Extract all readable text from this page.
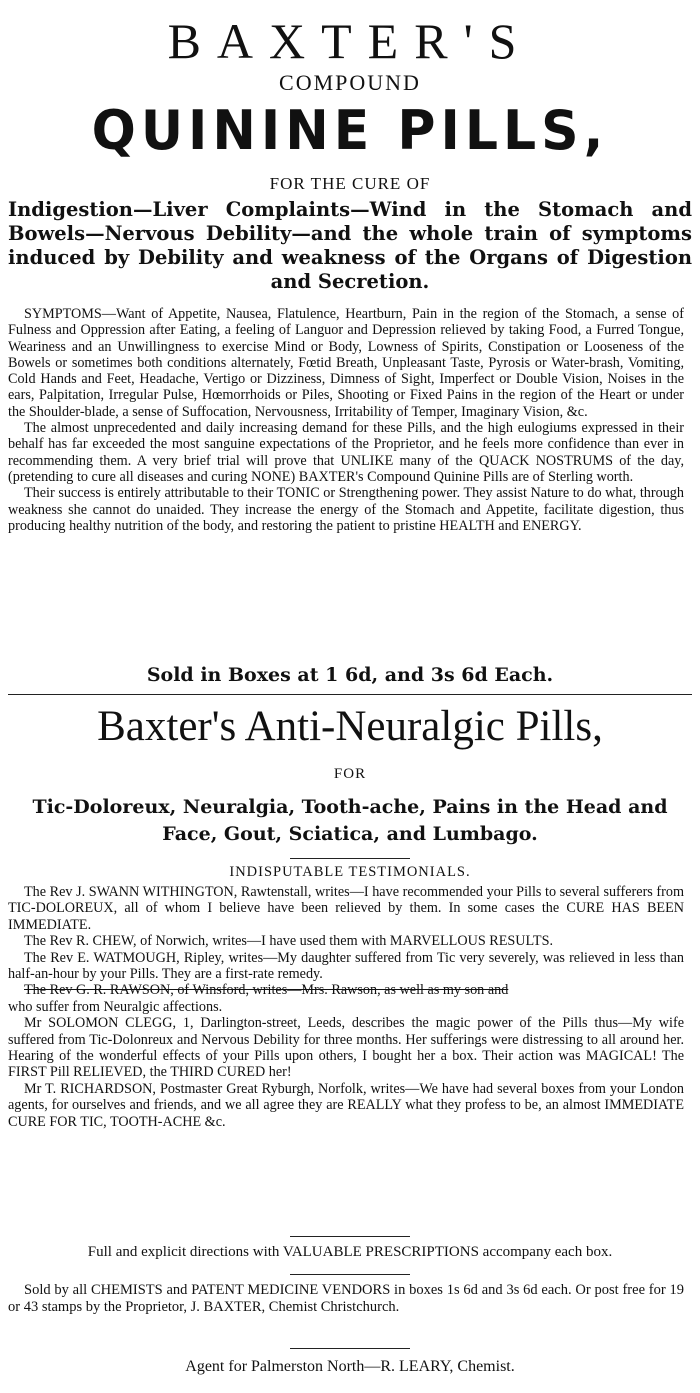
BAXTER'S
COMPOUND
QUININE PILLS,
FOR THE CURE OF
Indigestion—Liver Complaints—Wind in the Stomach and Bowels—Nervous Debility—and the whole train of symptoms induced by Debility and weakness of the Organs of Digestion and Secretion.

SYMPTOMS—Want of Appetite, Nausea, Flatulence, Heartburn, Pain in the region of the Stomach, a sense of Fulness and Oppression after Eating, a feeling of Languor and Depression relieved by taking Food, a Furred Tongue, Weariness and an Unwillingness to exercise Mind or Body, Lowness of Spirits, Constipation or Looseness of the Bowels or sometimes both conditions alternately, Fœtid Breath, Unpleasant Taste, Pyrosis or Water-brash, Vomiting, Cold Hands and Feet, Headache, Vertigo or Dizziness, Dimness of Sight, Imperfect or Double Vision, Noises in the ears, Palpitation, Irregular Pulse, Hœmorrhoids or Piles, Shooting or Fixed Pains in the region of the Heart or under the Shoulder-blade, a sense of Suffocation, Nervousness, Irritability of Temper, Imaginary Vision, &c.

The almost unprecedented and daily increasing demand for these Pills, and the high eulogiums expressed in their behalf has far exceeded the most sanguine expectations of the Proprietor, and he feels more confidence than ever in recommending them. A very brief trial will prove that UNLIKE many of the QUACK NOSTRUMS of the day, (pretending to cure all diseases and curing NONE) BAXTER's Compound Quinine Pills are of Sterling worth.

Their success is entirely attributable to their TONIC or Strengthening power. They assist Nature to do what, through weakness she cannot do unaided. They increase the energy of the Stomach and Appetite, facilitate digestion, thus producing healthy nutrition of the body, and restoring the patient to pristine HEALTH and ENERGY.

Sold in Boxes at 1 6d, and 3s 6d Each.
Baxter's Anti-Neuralgic Pills,
FOR
Tic-Doloreux, Neuralgia, Tooth-ache, Pains in the Head and Face, Gout, Sciatica, and Lumbago.
INDISPUTABLE TESTIMONIALS.

The Rev J. SWANN WITHINGTON, Rawtenstall, writes—I have recommended your Pills to several sufferers from TIC-DOLOREUX, all of whom I believe have been relieved by them. In some cases the CURE HAS BEEN IMMEDIATE.

The Rev R. CHEW, of Norwich, writes—I have used them with MARVELLOUS RESULTS.

The Rev E. WATMOUGH, Ripley, writes—My daughter suffered from Tic very severely, was relieved in less than half-an-hour by your Pills. They are a first-rate remedy.

The Rev G. R. RAWSON, of Winsford, writes—Mrs. Rawson, as well as my son and

who suffer from Neuralgic affections.

Mr SOLOMON CLEGG, 1, Darlington-street, Leeds, describes the magic power of the Pills thus—My wife suffered from Tic-Dolonreux and Nervous Debility for three months. Her sufferings were distressing to all around her. Hearing of the wonderful effects of your Pills upon others, I bought her a box. Their action was MAGICAL! The FIRST Pill RELIEVED, the THIRD CURED her!

Mr T. RICHARDSON, Postmaster Great Ryburgh, Norfolk, writes—We have had several boxes from your London agents, for ourselves and friends, and we all agree they are REALLY what they profess to be, an almost IMMEDIATE CURE FOR TIC, TOOTH-ACHE &c.

Full and explicit directions with VALUABLE PRESCRIPTIONS accompany each box.

Sold by all CHEMISTS and PATENT MEDICINE VENDORS in boxes 1s 6d and 3s 6d each. Or post free for 19 or 43 stamps by the Proprietor, J. BAXTER, Chemist Christchurch.

Agent for Palmerston North—R. LEARY, Chemist.
